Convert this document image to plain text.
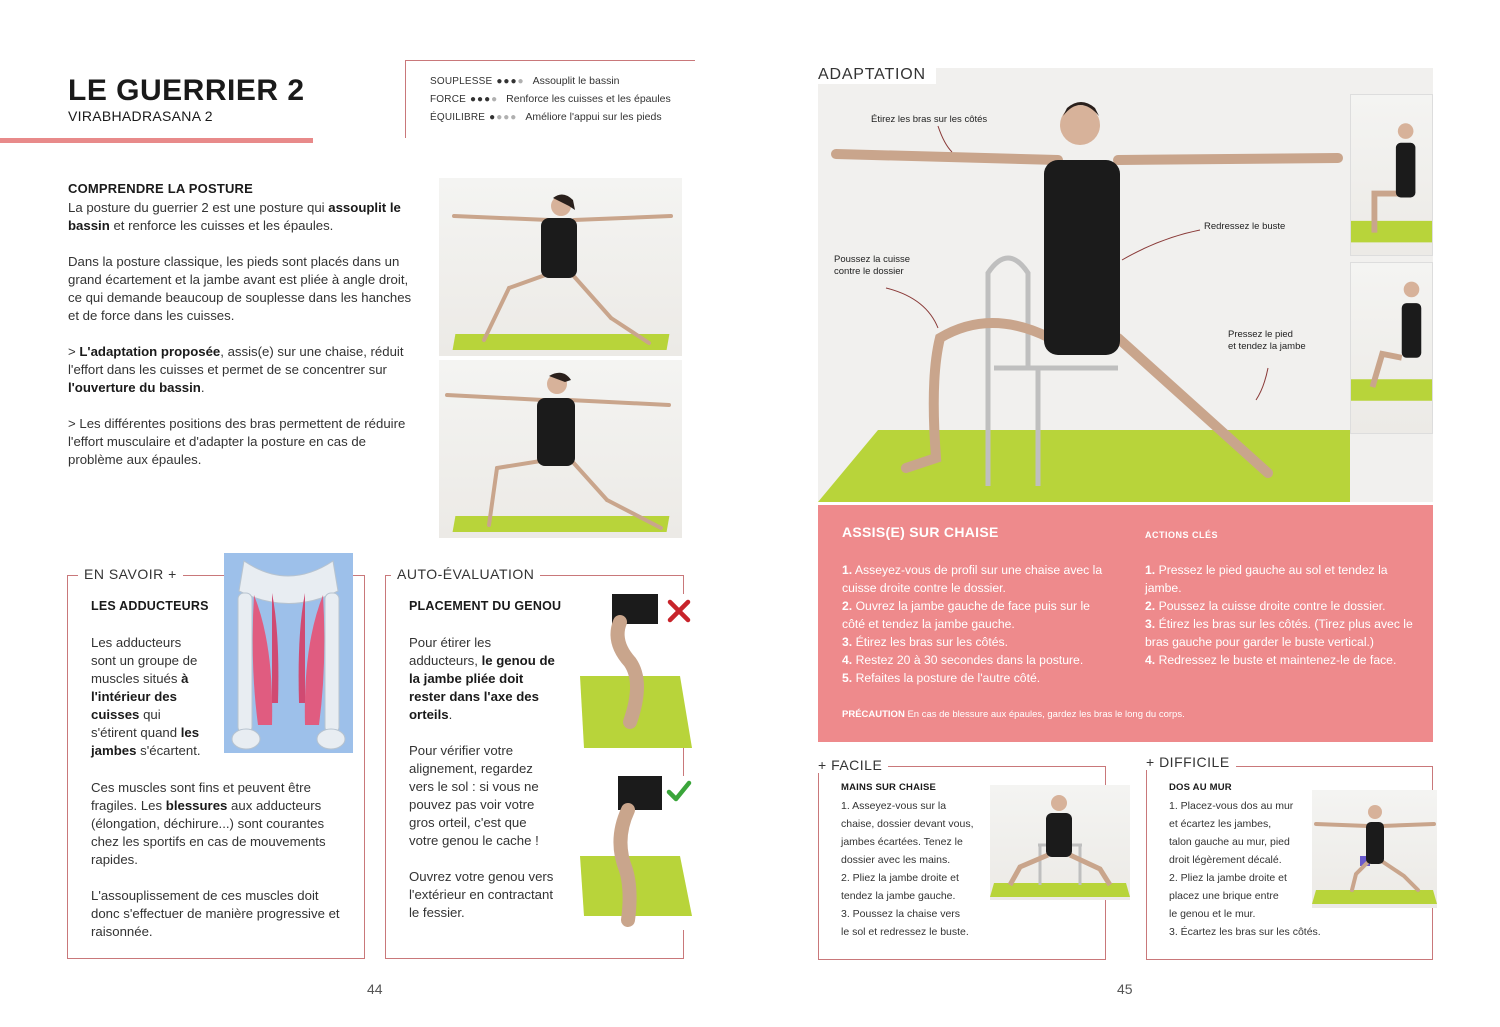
LE GUERRIER 2
VIRABHADRASANA 2
SOUPLESSE ●●●● Assouplit le bassin
FORCE ●●●● Renforce les cuisses et les épaules
ÉQUILIBRE ●●●● Améliore l'appui sur les pieds
COMPRENDRE LA POSTURE

La posture du guerrier 2 est une posture qui assouplit le bassin et renforce les cuisses et les épaules.

Dans la posture classique, les pieds sont placés dans un grand écartement et la jambe avant est pliée à angle droit, ce qui demande beaucoup de souplesse dans les hanches et de force dans les cuisses.

> L'adaptation proposée, assis(e) sur une chaise, réduit l'effort dans les cuisses et permet de se concentrer sur l'ouverture du bassin.

> Les différentes positions des bras permettent de réduire l'effort musculaire et d'adapter la posture en cas de problème aux épaules.

EN SAVOIR +
LES ADDUCTEURS
Les adducteurs sont un groupe de muscles situés à l'intérieur des cuisses qui s'étirent quand les jambes s'écartent.

Ces muscles sont fins et peuvent être fragiles. Les blessures aux adducteurs (élongation, déchirure...) sont courantes chez les sportifs en cas de mouvements rapides.

L'assouplissement de ces muscles doit donc s'effectuer de manière progressive et raisonnée.

AUTO-ÉVALUATION
PLACEMENT DU GENOU

Pour étirer les adducteurs, le genou de la jambe pliée doit rester dans l'axe des orteils.

Pour vérifier votre alignement, regardez vers le sol : si vous ne pouvez pas voir votre gros orteil, c'est que votre genou le cache !

Ouvrez votre genou vers l'extérieur en contractant le fessier.

44
ADAPTATION
Étirez les bras sur les côtés
Redressez le buste
Poussez la cuisse
contre le dossier
Pressez le pied
et tendez la jambe
ASSIS(E) SUR CHAISE	ACTIONS CLÉS
1. Asseyez-vous de profil sur une chaise avec la cuisse droite contre le dossier.
2. Ouvrez la jambe gauche de face puis sur le côté et tendez la jambe gauche.
3. Étirez les bras sur les côtés.
4. Restez 20 à 30 secondes dans la posture.
5. Refaites la posture de l'autre côté.
1. Pressez le pied gauche au sol et tendez la jambe.
2. Poussez la cuisse droite contre le dossier.
3. Étirez les bras sur les côtés. (Tirez plus avec le bras gauche pour garder le buste vertical.)
4. Redressez le buste et maintenez-le de face.
PRÉCAUTION En cas de blessure aux épaules, gardez les bras le long du corps.
+ FACILE
MAINS SUR CHAISE
1. Asseyez-vous sur la
chaise, dossier devant vous,
jambes écartées. Tenez le
dossier avec les mains.
2. Pliez la jambe droite et
tendez la jambe gauche.
3. Poussez la chaise vers
le sol et redressez le buste.
+ DIFFICILE
DOS AU MUR
1. Placez-vous dos au mur
et écartez les jambes,
talon gauche au mur, pied
droit légèrement décalé.
2. Pliez la jambe droite et
placez une brique entre
le genou et le mur.
3. Écartez les bras sur les côtés.
45
